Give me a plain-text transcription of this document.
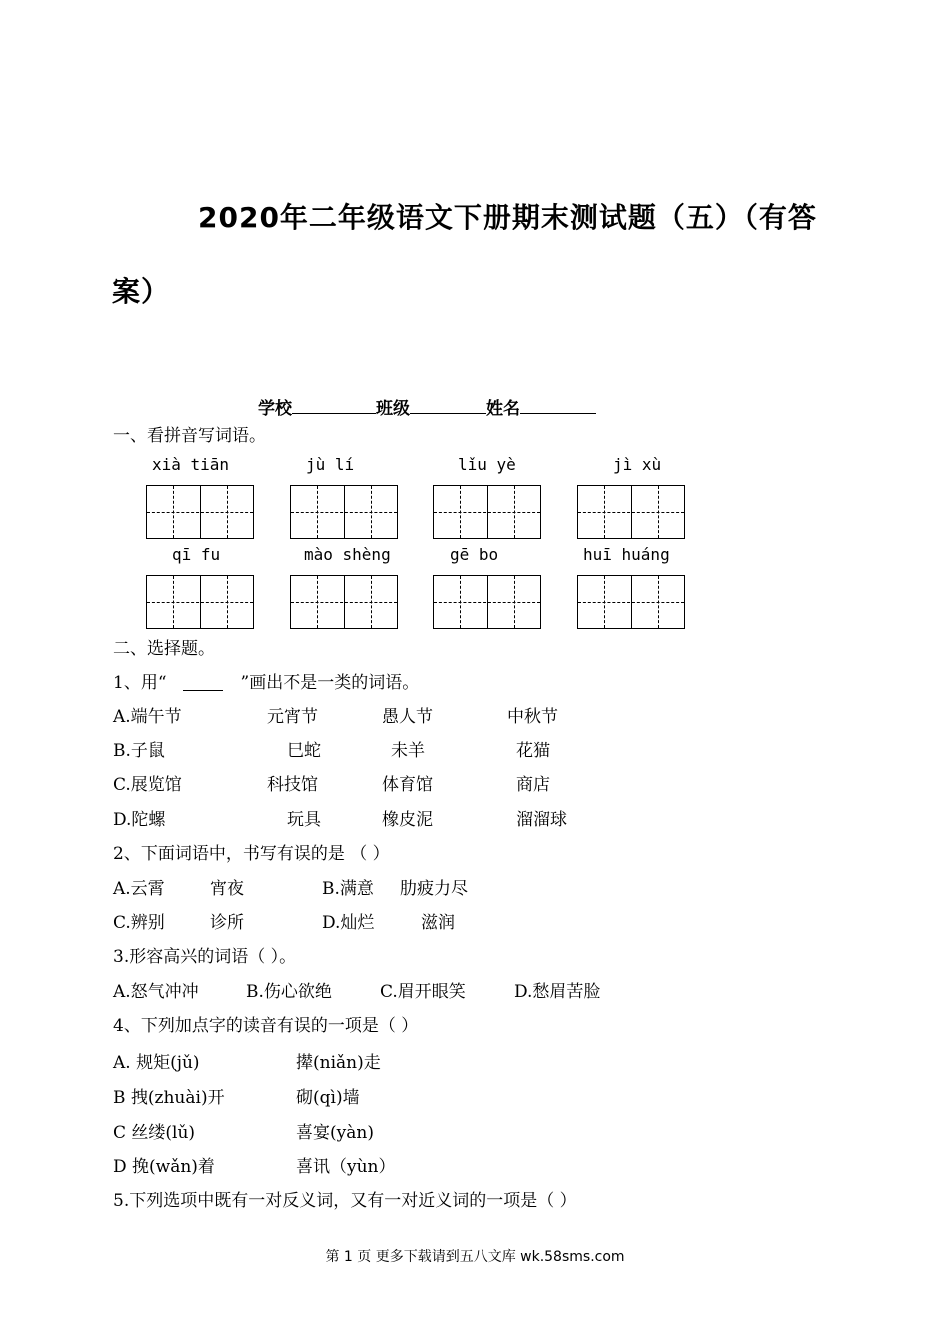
2020年二年级语文下册期末测试题（五）（有答
案）
学校	班级	姓名
一、看拼音写词语。
xià tiān	jù lí	lǐu yè	jì xù
qī fu	mào shèng	gē bo	huī huáng
二、选择题。
1、用“	”画出不是一类的词语。
A.端午节	元宵节	愚人节	中秋节
B.子鼠	巳蛇	未羊	花猫
C.展览馆	科技馆	体育馆	商店
D.陀螺	玩具	橡皮泥	溜溜球
2、下面词语中，书写有误的是 （ ）
A.云霄	宵夜	B.满意 肋疲力尽
C.辨别	诊所	D.灿烂	滋润
3.形容高兴的词语（ ）。
A.怒气冲冲	B.伤心欲绝	C.眉开眼笑	D.愁眉苦脸
4、下列加点字的读音有误的一项是（ ）
A. 规矩(jǔ)	撵(niǎn)走
B 拽(zhuài)开	砌(qì)墙
C 丝缕(lǔ)	喜宴(yàn)
D 挽(wǎn)着	喜讯（yùn）
5.下列选项中既有一对反义词，又有一对近义词的一项是（ ）
第 1 页 更多下载请到五八文库 wk.58sms.com
